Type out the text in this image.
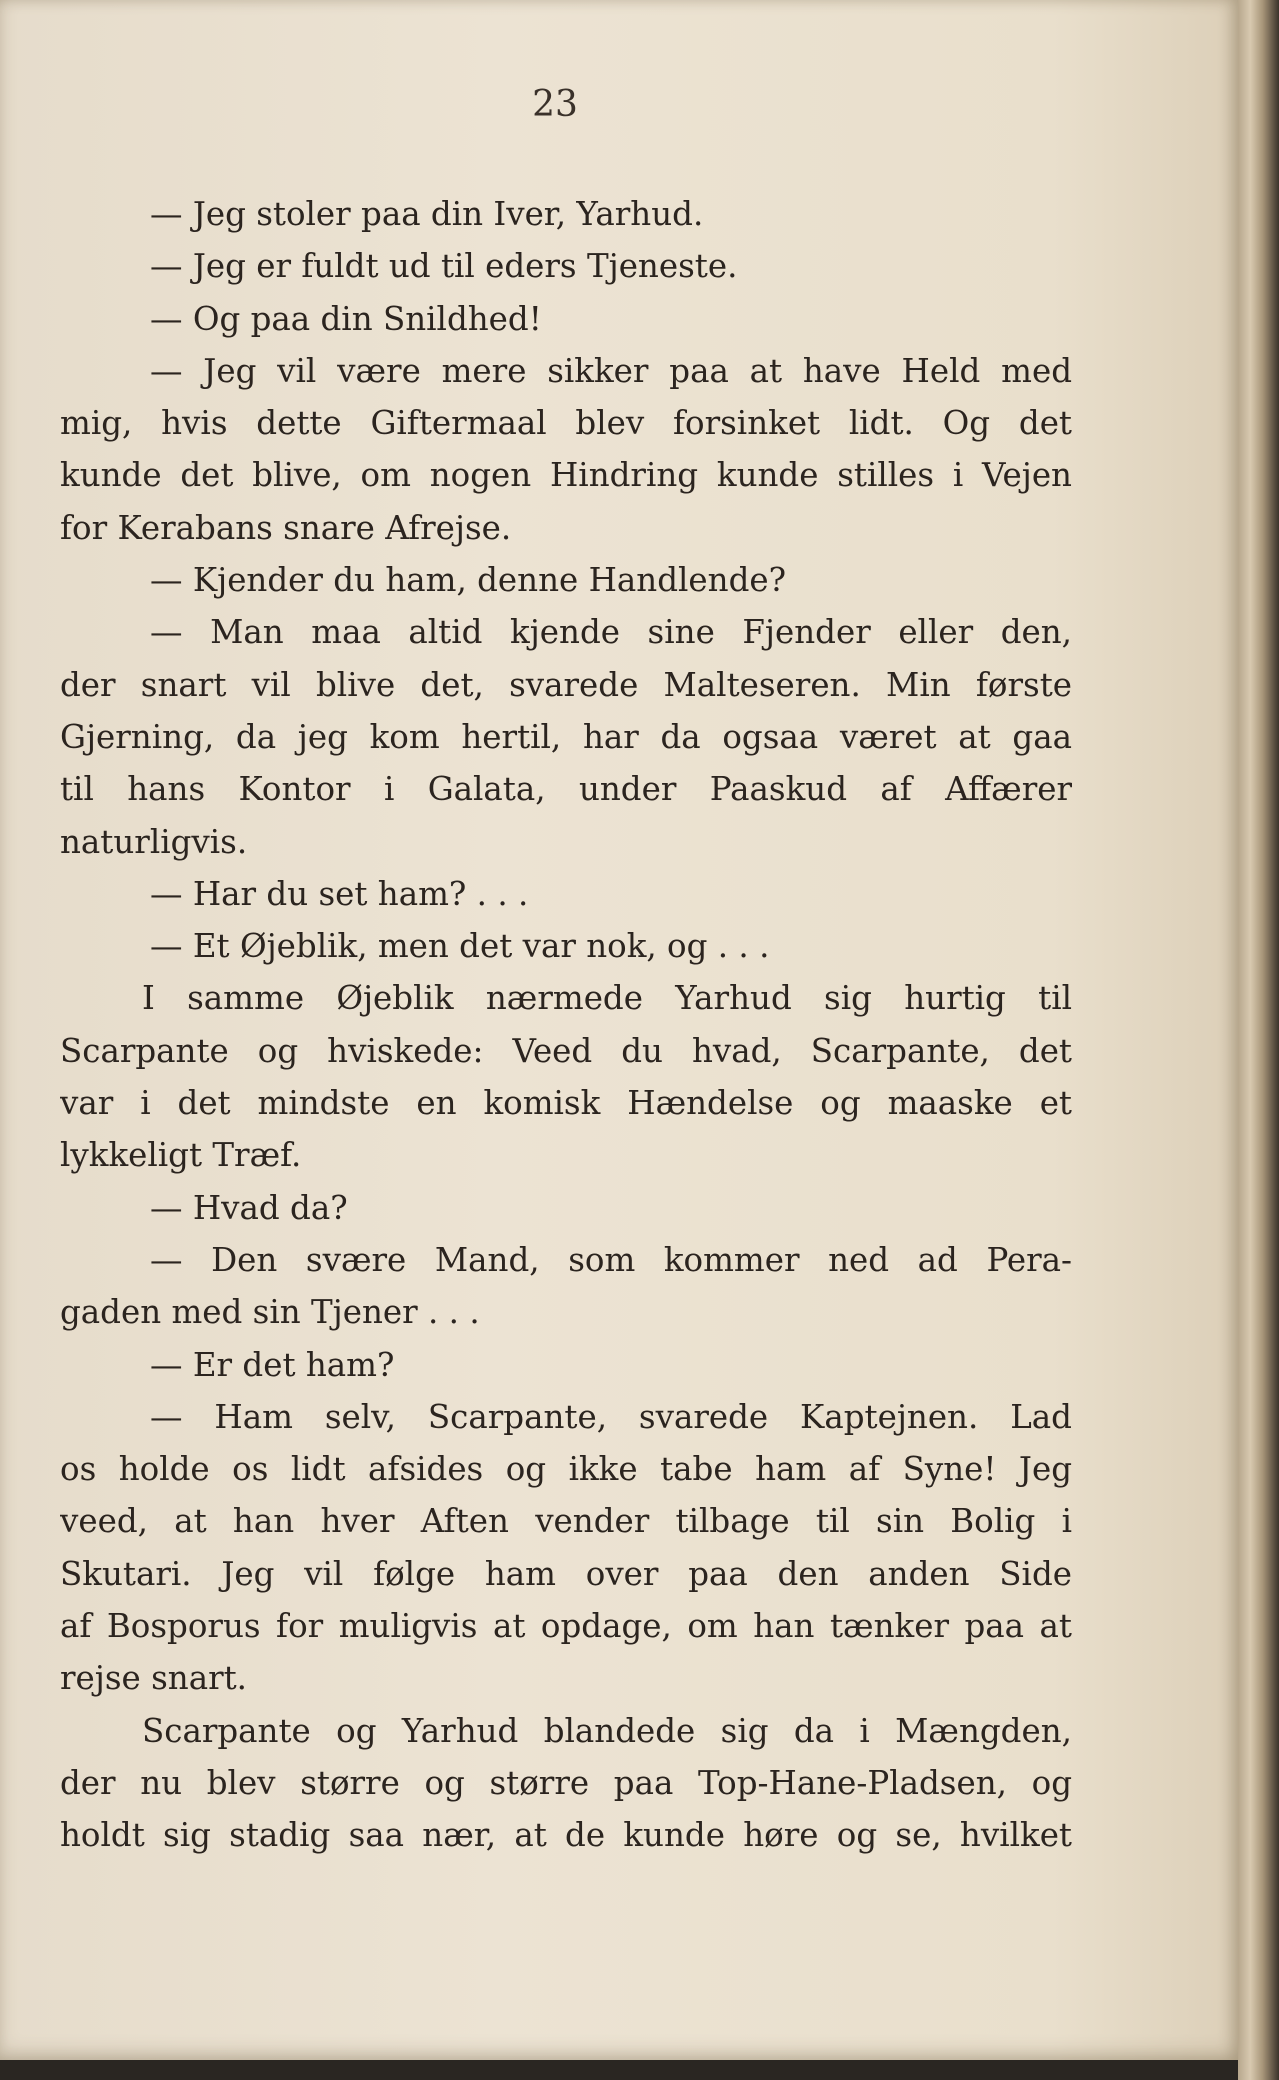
23
— Jeg stoler paa din Iver, Yarhud.
— Jeg er fuldt ud til eders Tjeneste.
— Og paa din Snildhed!
— Jeg vil være mere sikker paa at have Held med
mig, hvis dette Giftermaal blev forsinket lidt. Og det
kunde det blive, om nogen Hindring kunde stilles i Vejen
for Kerabans snare Afrejse.
— Kjender du ham, denne Handlende?
— Man maa altid kjende sine Fjender eller den,
der snart vil blive det, svarede Malteseren. Min første
Gjerning, da jeg kom hertil, har da ogsaa været at gaa
til hans Kontor i Galata, under Paaskud af Affærer
naturligvis.
— Har du set ham? . . .
— Et Øjeblik, men det var nok, og . . .
I samme Øjeblik nærmede Yarhud sig hurtig til
Scarpante og hviskede: Veed du hvad, Scarpante, det
var i det mindste en komisk Hændelse og maaske et
lykkeligt Træf.
— Hvad da?
— Den svære Mand, som kommer ned ad Pera-
gaden med sin Tjener . . .
— Er det ham?
— Ham selv, Scarpante, svarede Kaptejnen. Lad
os holde os lidt afsides og ikke tabe ham af Syne! Jeg
veed, at han hver Aften vender tilbage til sin Bolig i
Skutari. Jeg vil følge ham over paa den anden Side
af Bosporus for muligvis at opdage, om han tænker paa at
rejse snart.
Scarpante og Yarhud blandede sig da i Mængden,
der nu blev større og større paa Top-Hane-Pladsen, og
holdt sig stadig saa nær, at de kunde høre og se, hvilket
